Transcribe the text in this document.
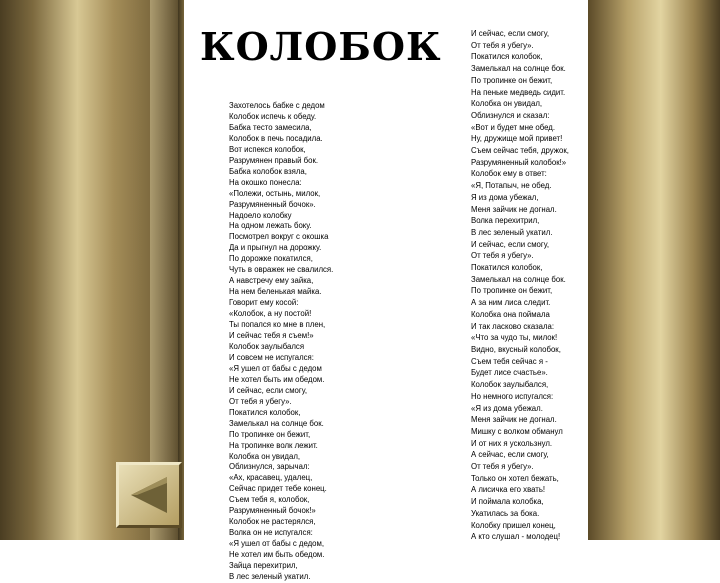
КОЛОБОК
Захотелось бабке с дедом
Колобок испечь к обеду.
Бабка тесто замесила,
Колобок в печь посадила.
Вот испекся колобок,
Разрумянен правый бок.
Бабка колобок взяла,
На окошко понесла:
«Полежи, остынь, милок,
Разрумяненный бочок».
Надоело колобку
На одном лежать боку.
Посмотрел вокруг с окошка
Да и прыгнул на дорожку.
По дорожке покатился,
Чуть в овражек не свалился.
А навстречу ему зайка,
На нем беленькая майка.
Говорит ему косой:
«Колобок, а ну постой!
Ты попался ко мне в плен,
И сейчас тебя я съем!»
Колобок заулыбался
И совсем не испугался:
«Я ушел от бабы с дедом
Не хотел быть им обедом.
И сейчас, если смогу,
От тебя я убегу».
Покатился колобок,
Замелькал на солнце бок.
По тропинке он бежит,
На тропинке волк лежит.
Колобка он увидал,
Облизнулся, зарычал:
«Ах, красавец, удалец,
Сейчас придет тебе конец.
Съем тебя я, колобок,
Разрумяненный бочок!»
Колобок не растерялся,
Волка он не испугался:
«Я ушел от бабы с дедом,
Не хотел им быть обедом.
Зайца перехитрил,
В лес зеленый укатил.
И сейчас, если смогу,
От тебя я убегу».
Покатился колобок,
Замелькал на солнце бок.
По тропинке он бежит,
На пеньке медведь сидит.
Колобка он увидал,
Облизнулся и сказал:
«Вот и будет мне обед.
Ну, дружище мой привет!
Съем сейчас тебя, дружок,
Разрумяненный колобок!»
Колобок ему в ответ:
«Я, Потапыч, не обед.
Я из дома убежал,
Меня зайчик не догнал.
Волка перехитрил,
В лес зеленый укатил.
И сейчас, если смогу,
От тебя я убегу».
Покатился колобок,
Замелькал на солнце бок.
По тропинке он бежит,
А за ним лиса следит.
Колобка она поймала
И так ласково сказала:
«Что за чудо ты, милок!
Видно, вкусный колобок,
Съем тебя сейчас я -
Будет лисе счастье».
Колобок заулыбался,
Но немного испугался:
«Я из дома убежал.
Меня зайчик не догнал.
Мишку с волком обманул
И от них я ускользнул.
А сейчас, если смогу,
От тебя я убегу».
Только он хотел бежать,
А лисичка его хвать!
И поймала колобка,
Укатилась за бока.
Колобку пришел конец,
А кто слушал - молодец!
